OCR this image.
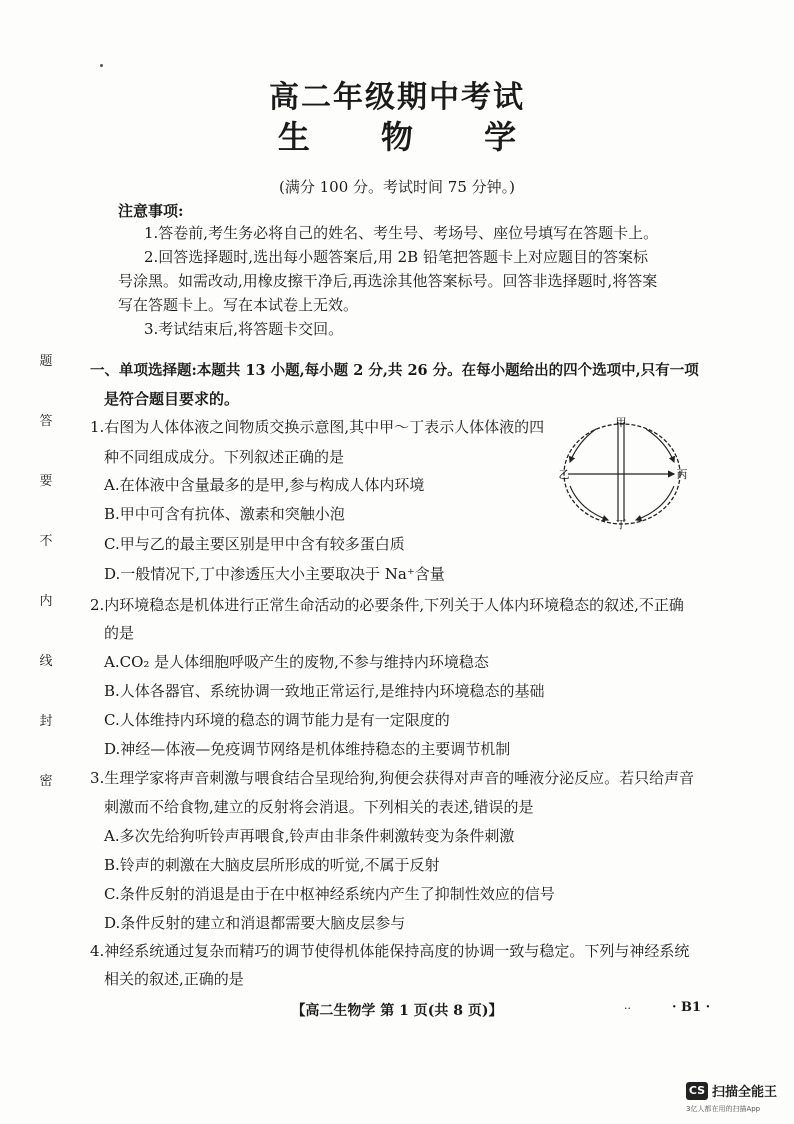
高二年级期中考试
生 物 学
(满分 100 分。考试时间 75 分钟。)
注意事项:
1.答卷前,考生务必将自己的姓名、考生号、考场号、座位号填写在答题卡上。
2.回答选择题时,选出每小题答案后,用 2B 铅笔把答题卡上对应题目的答案标
号涂黑。如需改动,用橡皮擦干净后,再选涂其他答案标号。回答非选择题时,将答案
写在答题卡上。写在本试卷上无效。
3.考试结束后,将答题卡交回。
题
答
要
不
内
线
封
密
一、单项选择题:本题共 13 小题,每小题 2 分,共 26 分。在每小题给出的四个选项中,只有一项
是符合题目要求的。
1.右图为人体体液之间物质交换示意图,其中甲～丁表示人体体液的四
种不同组成成分。下列叙述正确的是
A.在体液中含量最多的是甲,参与构成人体内环境
B.甲中可含有抗体、激素和突触小泡
C.甲与乙的最主要区别是甲中含有较多蛋白质
D.一般情况下,丁中渗透压大小主要取决于 Na⁺含量
甲
乙	丙
丁
2.内环境稳态是机体进行正常生命活动的必要条件,下列关于人体内环境稳态的叙述,不正确
的是
A.CO₂ 是人体细胞呼吸产生的废物,不参与维持内环境稳态
B.人体各器官、系统协调一致地正常运行,是维持内环境稳态的基础
C.人体维持内环境的稳态的调节能力是有一定限度的
D.神经—体液—免疫调节网络是机体维持稳态的主要调节机制
3.生理学家将声音刺激与喂食结合呈现给狗,狗便会获得对声音的唾液分泌反应。若只给声音
刺激而不给食物,建立的反射将会消退。下列相关的表述,错误的是
A.多次先给狗听铃声再喂食,铃声由非条件刺激转变为条件刺激
B.铃声的刺激在大脑皮层所形成的听觉,不属于反射
C.条件反射的消退是由于在中枢神经系统内产生了抑制性效应的信号
D.条件反射的建立和消退都需要大脑皮层参与
4.神经系统通过复杂而精巧的调节使得机体能保持高度的协调一致与稳定。下列与神经系统
相关的叙述,正确的是
【高二生物学 第 1 页(共 8 页)】	··	· B1 ·
CS 扫描全能王
3亿人都在用的扫描App
